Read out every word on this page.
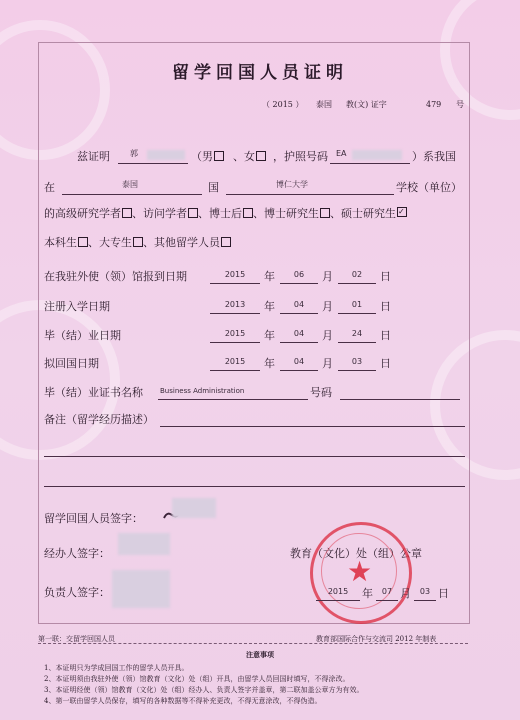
留学回国人员证明
（ 2015 ） 泰国 教(文) 证字	479 号
兹证明	郭	（男	、女	，护照号码 EA	）系我国
在	泰国	国	博仁大学	学校（单位）
的高级研究学者 、访问学者 、博士后 、博士研究生 、硕士研究生✓
本科生 、大专生 、其他留学人员
在我驻外使（领）馆报到日期	2015	年	06	月	02	日
注册入学日期	2013	年	04	月	01	日
毕（结）业日期	2015	年	04	月	24	日
拟回国日期	2015	年	04	月	03	日
毕（结）业证书名称 Business Administration	号码
备注（留学经历描述）
留学回国人员签字：
经办人签字：
负责人签字：
教育（文化）处（组）公章
★
2015	年	07 月	03 日
第一联：交留学回国人员	教育部国际合作与交流司 2012 年制表
注意事项
1、本证明只为学成回国工作的留学人员开具。
2、本证明须由我驻外使（领）馆教育（文化）处（组）开具，由留学人员回国时填写，不得涂改。
3、本证明经使（领）馆教育（文化）处（组）经办人、负责人签字并盖章，第二联加盖公章方为有效。
4、第一联由留学人员保存，填写的各种数据等不得补充更改，不得无意涂改，不得伪造。
